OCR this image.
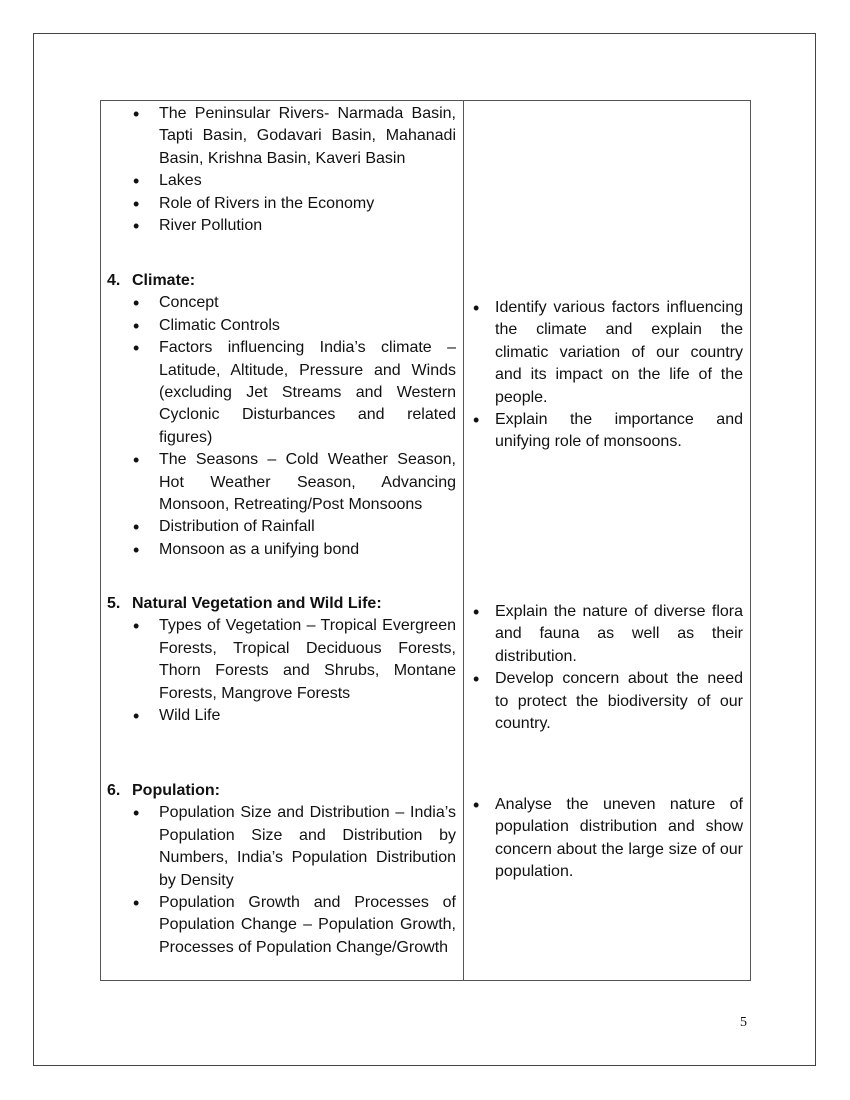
• The Peninsular Rivers- Narmada Basin, Tapti Basin, Godavari Basin, Mahanadi Basin, Krishna Basin, Kaveri Basin
• Lakes
• Role of Rivers in the Economy
• River Pollution
4. Climate:
• Concept
• Climatic Controls
• Factors influencing India’s climate – Latitude, Altitude, Pressure and Winds (excluding Jet Streams and Western Cyclonic Disturbances and related figures)
• The Seasons – Cold Weather Season, Hot Weather Season, Advancing Monsoon, Retreating/Post Monsoons
• Distribution of Rainfall
• Monsoon as a unifying bond
5. Natural Vegetation and Wild Life:
• Types of Vegetation – Tropical Evergreen Forests, Tropical Deciduous Forests, Thorn Forests and Shrubs, Montane Forests, Mangrove Forests
• Wild Life
6. Population:
• Population Size and Distribution – India’s Population Size and Distribution by Numbers, India’s Population Distribution by Density
• Population Growth and Processes of Population Change – Population Growth, Processes of Population Change/Growth
• Identify various factors influencing the climate and explain the climatic variation of our country and its impact on the life of the people.
• Explain the importance and unifying role of monsoons.
• Explain the nature of diverse flora and fauna as well as their distribution.
• Develop concern about the need to protect the biodiversity of our country.
• Analyse the uneven nature of population distribution and show concern about the large size of our population.
5
